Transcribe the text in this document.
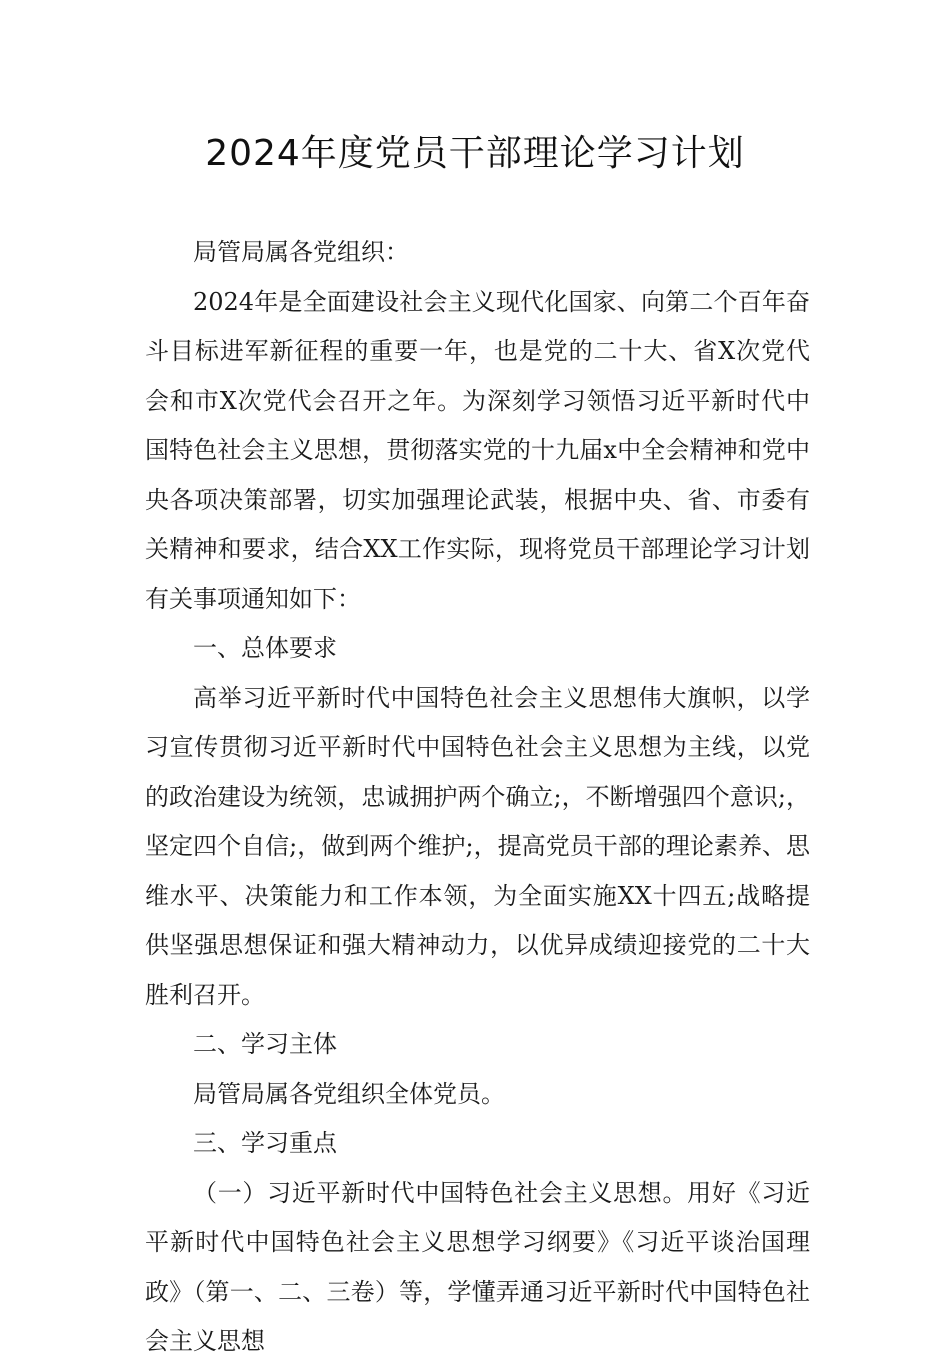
2024年度党员干部理论学习计划

局管局属各党组织：

2024年是全面建设社会主义现代化国家、向第二个百年奋斗目标进军新征程的重要一年，也是党的二十大、省X次党代会和市X次党代会召开之年。为深刻学习领悟习近平新时代中国特色社会主义思想，贯彻落实党的十九届x中全会精神和党中央各项决策部署，切实加强理论武装，根据中央、省、市委有关精神和要求，结合XX工作实际，现将党员干部理论学习计划有关事项通知如下：

一、总体要求

高举习近平新时代中国特色社会主义思想伟大旗帜，以学习宣传贯彻习近平新时代中国特色社会主义思想为主线，以党的政治建设为统领，忠诚拥护两个确立;，不断增强四个意识;，坚定四个自信;，做到两个维护;，提高党员干部的理论素养、思维水平、决策能力和工作本领，为全面实施XX十四五;战略提供坚强思想保证和强大精神动力，以优异成绩迎接党的二十大胜利召开。

二、学习主体

局管局属各党组织全体党员。

三、学习重点

（一）习近平新时代中国特色社会主义思想。用好《习近平新时代中国特色社会主义思想学习纲要》《习近平谈治国理政》（第一、二、三卷）等，学懂弄通习近平新时代中国特色社会主义思想
